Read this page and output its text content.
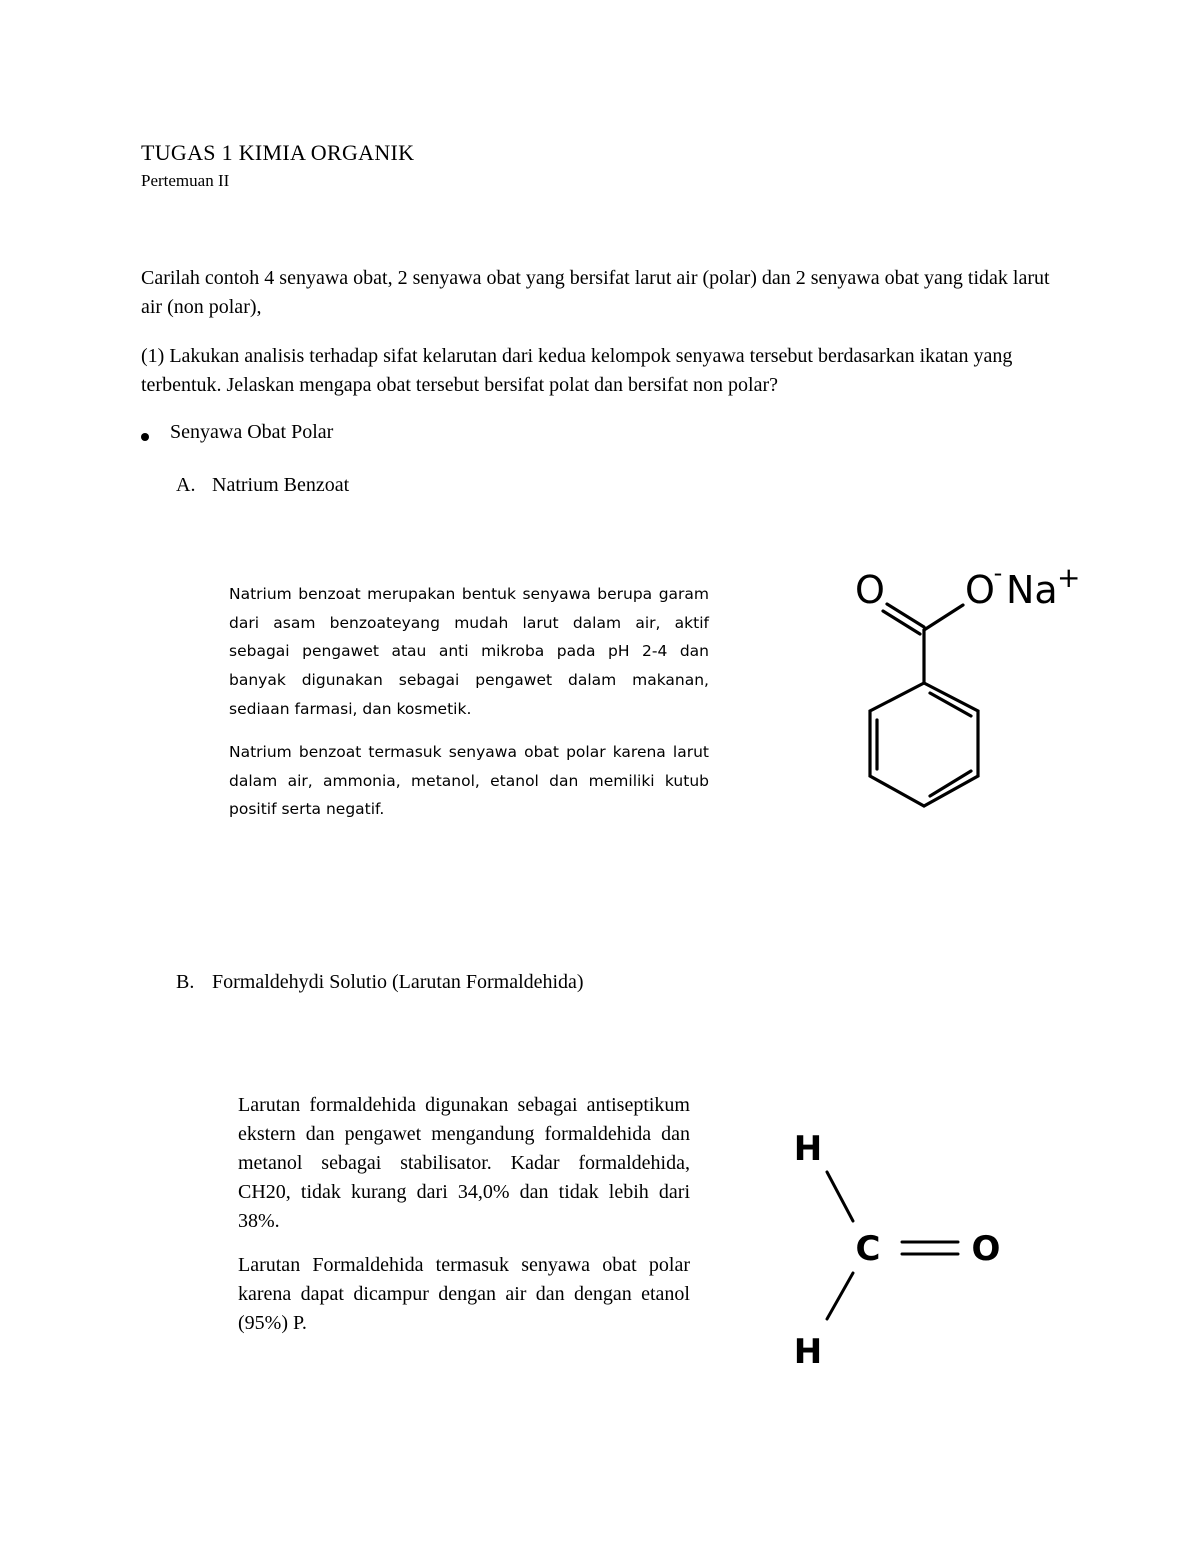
TUGAS 1 KIMIA ORGANIK
Pertemuan II

Carilah contoh 4 senyawa obat, 2 senyawa obat yang bersifat larut air (polar) dan 2 senyawa obat yang tidak larut air (non polar),

(1) Lakukan analisis terhadap sifat kelarutan dari kedua kelompok senyawa tersebut berdasarkan ikatan yang terbentuk. Jelaskan mengapa obat tersebut bersifat polat dan bersifat non polar?

Senyawa Obat Polar
A. Natrium Benzoat

Natrium benzoat merupakan bentuk senyawa berupa garam dari asam benzoateyang mudah larut dalam air, aktif sebagai pengawet atau anti mikroba pada pH 2-4 dan banyak digunakan sebagai pengawet dalam makanan, sediaan farmasi, dan kosmetik.

Natrium benzoat termasuk senyawa obat polar karena larut dalam air, ammonia, metanol, etanol dan memiliki kutub positif serta negatif.

O O
- Na +
B. Formaldehydi Solutio (Larutan Formaldehida)

Larutan formaldehida digunakan sebagai antiseptikum ekstern dan pengawet mengandung formaldehida dan metanol sebagai stabilisator. Kadar formaldehida, CH20, tidak kurang dari 34,0% dan tidak lebih dari 38%.

Larutan Formaldehida termasuk senyawa obat polar karena dapat dicampur dengan air dan dengan etanol (95%) P.

H
C	O
H
